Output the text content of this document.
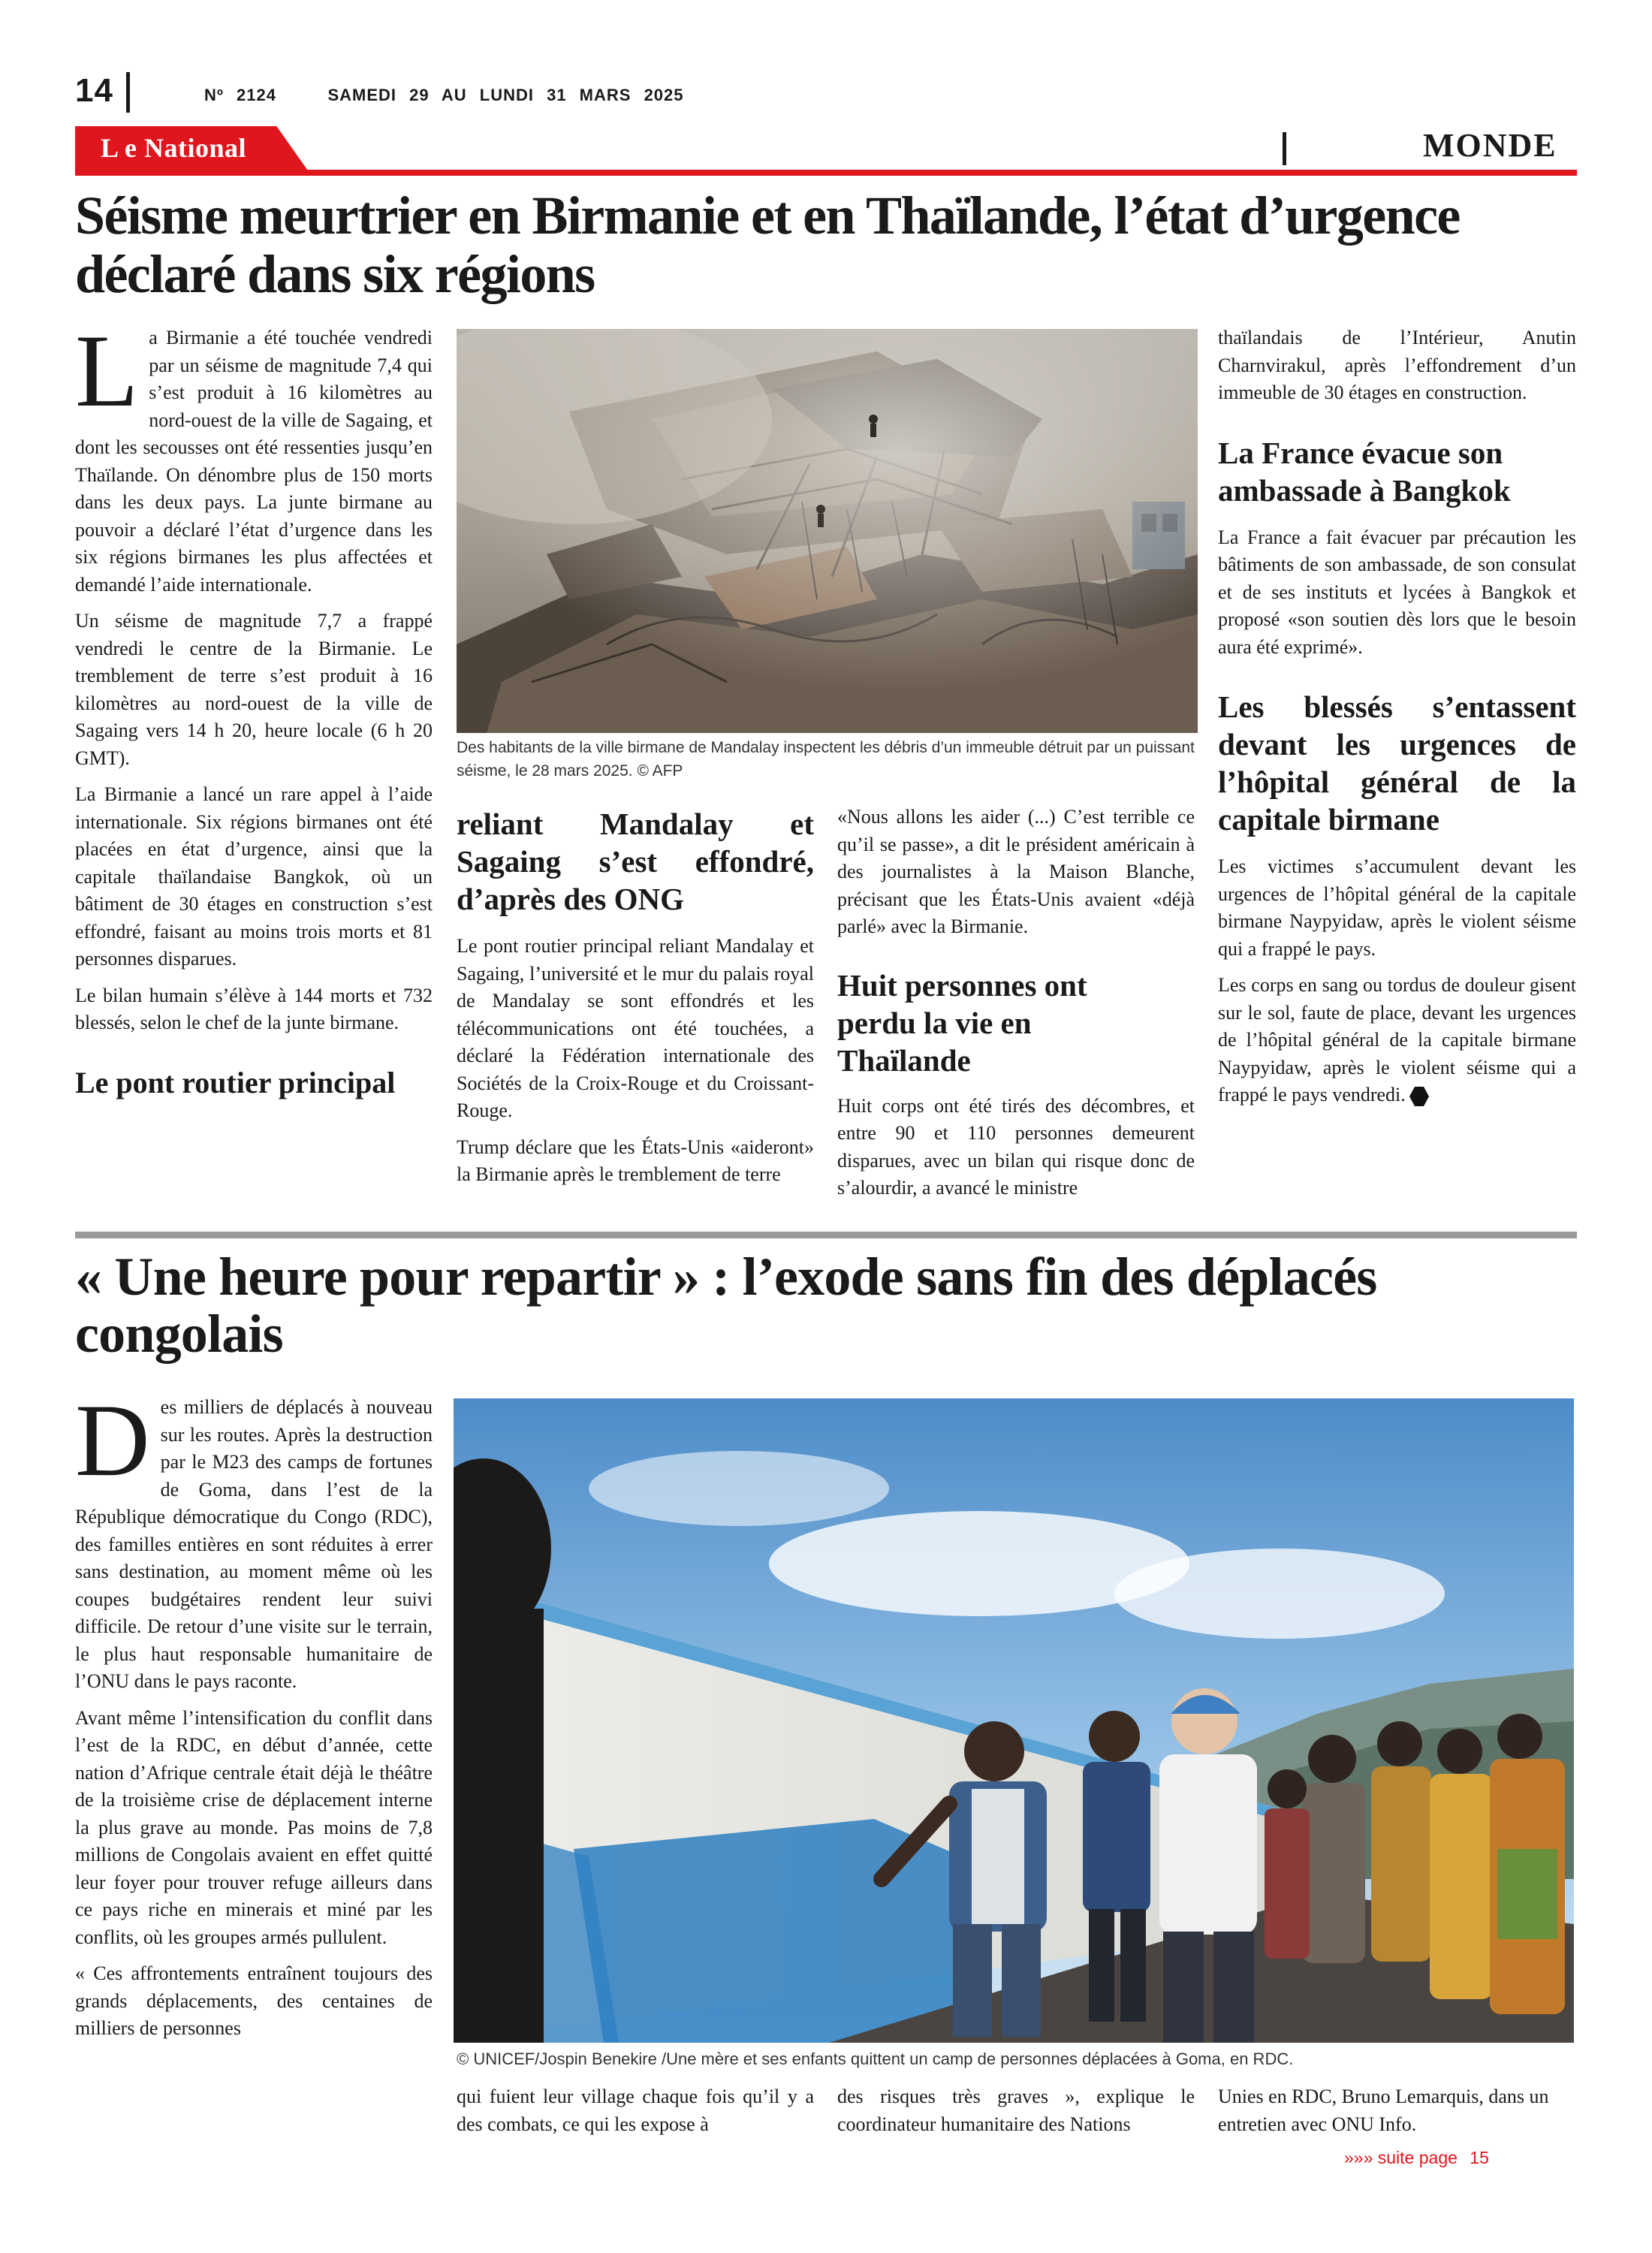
14	Nº 2124	SAMEDI 29 AU LUNDI 31 MARS 2025
L e National	MONDE
Séisme meurtrier en Birmanie et en Thaïlande, l’état d’urgence déclaré dans six régions

La Birmanie a été touchée vendredi par un séisme de magnitude 7,4 qui s’est produit à 16 kilomètres au nord-ouest de la ville de Sagaing, et dont les secousses ont été ressenties jusqu’en Thaïlande. On dénombre plus de 150 morts dans les deux pays. La junte birmane au pouvoir a déclaré l’état d’urgence dans les six régions birmanes les plus affectées et demandé l’aide internationale.

Un séisme de magnitude 7,7 a frappé vendredi le centre de la Birmanie. Le tremblement de terre s’est produit à 16 kilomètres au nord-ouest de la ville de Sagaing vers 14 h 20, heure locale (6 h 20 GMT).

La Birmanie a lancé un rare appel à l’aide internationale. Six régions birmanes ont été placées en état d’urgence, ainsi que la capitale thaïlandaise Bangkok, où un bâtiment de 30 étages en construction s’est effondré, faisant au moins trois morts et 81 personnes disparues.

Le bilan humain s’élève à 144 morts et 732 blessés, selon le chef de la junte birmane.

Le pont routier principal
Des habitants de la ville birmane de Mandalay inspectent les débris d’un immeuble détruit par un puissant séisme, le 28 mars 2025. © AFP
reliant Mandalay et Sagaing s’est effondré, d’après des ONG

Le pont routier principal reliant Mandalay et Sagaing, l’université et le mur du palais royal de Mandalay se sont effondrés et les télécommunications ont été touchées, a déclaré la Fédération internationale des Sociétés de la Croix-Rouge et du Croissant-Rouge.

Trump déclare que les États-Unis «aideront» la Birmanie après le tremblement de terre

«Nous allons les aider (...) C’est terrible ce qu’il se passe», a dit le président américain à des journalistes à la Maison Blanche, précisant que les États-Unis avaient «déjà parlé» avec la Birmanie.

Huit personnes ont perdu la vie en Thaïlande

Huit corps ont été tirés des décombres, et entre 90 et 110 personnes demeurent disparues, avec un bilan qui risque donc de s’alourdir, a avancé le ministre

thaïlandais de l’Intérieur, Anutin Charnvirakul, après l’effondrement d’un immeuble de 30 étages en construction.

La France évacue son ambassade à Bangkok

La France a fait évacuer par précaution les bâtiments de son ambassade, de son consulat et de ses instituts et lycées à Bangkok et proposé «son soutien dès lors que le besoin aura été exprimé».

Les blessés s’entassent devant les urgences de l’hôpital général de la capitale birmane

Les victimes s’accumulent devant les urgences de l’hôpital général de la capitale birmane Naypyidaw, après le violent séisme qui a frappé le pays.

Les corps en sang ou tordus de douleur gisent sur le sol, faute de place, devant les urgences de l’hôpital général de la capitale birmane Naypyidaw, après le violent séisme qui a frappé le pays vendredi.

« Une heure pour repartir » : l’exode sans fin des déplacés congolais

Des milliers de déplacés à nouveau sur les routes. Après la destruction par le M23 des camps de fortunes de Goma, dans l’est de la République démocratique du Congo (RDC), des familles entières en sont réduites à errer sans destination, au moment même où les coupes budgétaires rendent leur suivi difficile. De retour d’une visite sur le terrain, le plus haut responsable humanitaire de l’ONU dans le pays raconte.

Avant même l’intensification du conflit dans l’est de la RDC, en début d’année, cette nation d’Afrique centrale était déjà le théâtre de la troisième crise de déplacement interne la plus grave au monde. Pas moins de 7,8 millions de Congolais avaient en effet quitté leur foyer pour trouver refuge ailleurs dans ce pays riche en minerais et miné par les conflits, où les groupes armés pullulent.

« Ces affrontements entraînent toujours des grands déplacements, des centaines de milliers de personnes

© UNICEF/Jospin Benekire /Une mère et ses enfants quittent un camp de personnes déplacées à Goma, en RDC.

qui fuient leur village chaque fois qu’il y a des combats, ce qui les expose à

des risques très graves », explique le coordinateur humanitaire des Nations

Unies en RDC, Bruno Lemarquis, dans un entretien avec ONU Info.

»»» suite page 15
